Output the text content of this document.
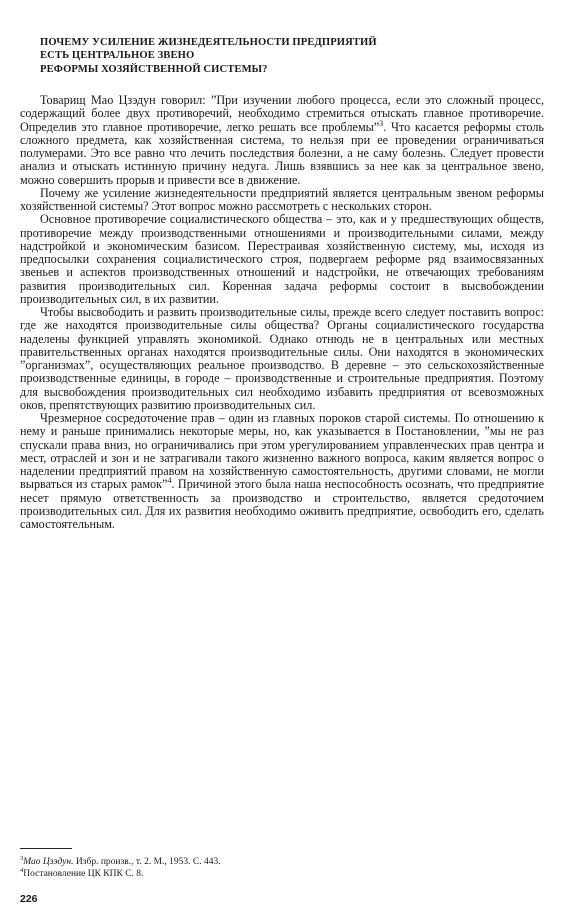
ПОЧЕМУ УСИЛЕНИЕ ЖИЗНЕДЕЯТЕЛЬНОСТИ ПРЕДПРИЯТИЙ
ЕСТЬ ЦЕНТРАЛЬНОЕ ЗВЕНО
РЕФОРМЫ ХОЗЯЙСТВЕННОЙ СИСТЕМЫ?

Товарищ Мао Цзэдун говорил: ”При изучении любого процесса, если это сложный процесс, содержащий более двух противоречий, необходимо стремиться отыскать главное противоречие. Определив это главное противоречие, легко решать все проблемы”$^3$. Что касается реформы столь сложного предмета, как хозяйственная система, то нельзя при ее проведении ограничиваться полумерами. Это все равно что лечить последствия болезни, а не саму болезнь. Следует провести анализ и отыскать истинную причину недуга. Лишь взявшись за нее как за центральное звено, можно совершить прорыв и привести все в движение.

Почему же усиление жизнедеятельности предприятий является центральным звеном реформы хозяйственной системы? Этот вопрос можно рассмотреть с нескольких сторон.

Основное противоречие социалистического общества – это, как и у предшествующих обществ, противоречие между производственными отношениями и производительными силами, между надстройкой и экономическим базисом. Перестраивая хозяйственную систему, мы, исходя из предпосылки сохранения социалистического строя, подвергаем реформе ряд взаимосвязанных звеньев и аспектов производственных отношений и надстройки, не отвечающих требованиям развития производительных сил. Коренная задача реформы состоит в высвобождении производительных сил, в их развитии.

Чтобы высвободить и развить производительные силы, прежде всего следует поставить вопрос: где же находятся производительные силы общества? Органы социалистического государства наделены функцией управлять экономикой. Однако отнюдь не в центральных или местных правительственных органах находятся производительные силы. Они находятся в экономических ”организмах”, осуществляющих реальное производство. В деревне – это сельскохозяйственные производственные единицы, в городе – производственные и строительные предприятия. Поэтому для высвобождения производительных сил необходимо избавить предприятия от всевозможных оков, препятствующих развитию производительных сил.

Чрезмерное сосредоточение прав – один из главных пороков старой системы. По отношению к нему и раньше принимались некоторые меры, но, как указывается в Постановлении, ”мы не раз спускали права вниз, но ограничивались при этом урегулированием управленческих прав центра и мест, отраслей и зон и не затрагивали такого жизненно важного вопроса, каким является вопрос о наделении предприятий правом на хозяйственную самостоятельность, другими словами, не могли вырваться из старых рамок”$^4$. Причиной этого была наша неспособность осознать, что предприятие несет прямую ответственность за производство и строительство, является средоточием производительных сил. Для их развития необходимо оживить предприятие, освободить его, сделать самостоятельным.

$^3$Мао Цзэдун. Избр. произв., т. 2. М., 1953. С. 443.
$^4$Постановление ЦК КПК С. 8.
226
